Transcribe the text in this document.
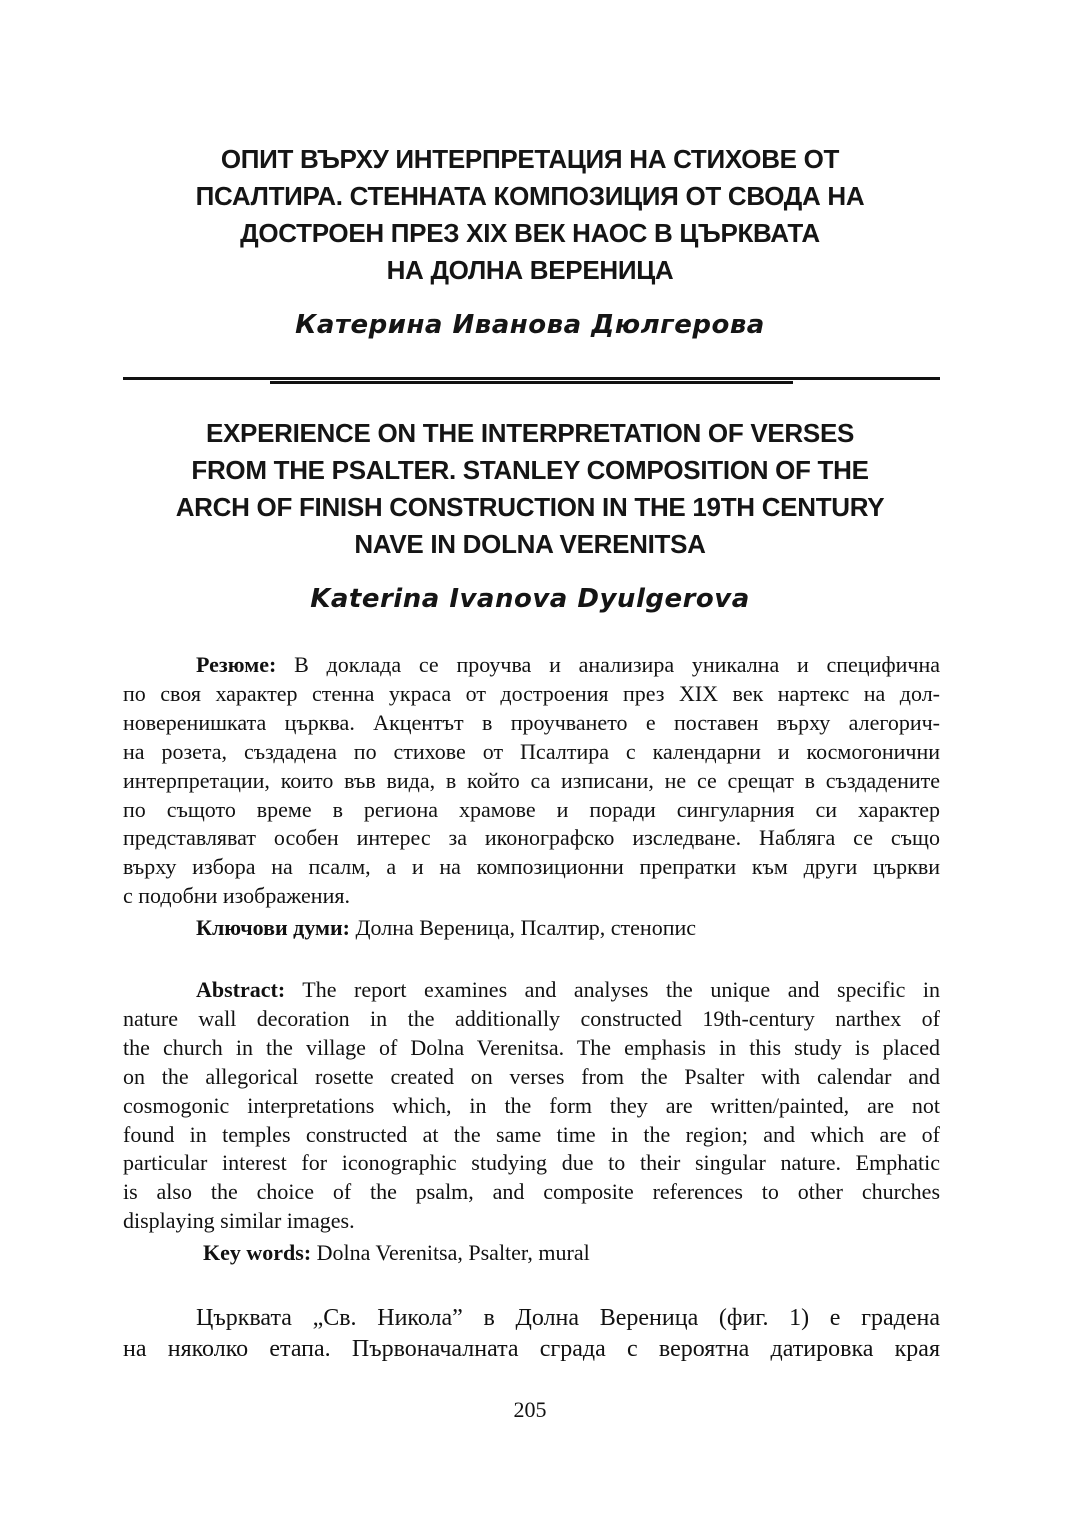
ОПИТ ВЪРХУ ИНТЕРПРЕТАЦИЯ НА СТИХОВЕ ОТ
ПСАЛТИРА. СТЕННАТА КОМПОЗИЦИЯ ОТ СВОДА НА
ДОСТРОЕН ПРЕЗ XIX ВЕК НАОС В ЦЪРКВАТА
НА ДОЛНА ВЕРЕНИЦА
Катерина Иванова Дюлгерова
EXPERIENCE ON THE INTERPRETATION OF VERSES
FROM THE PSALTER. STANLEY COMPOSITION OF THE
ARCH OF FINISH CONSTRUCTION IN THE 19TH CENTURY
NAVE IN DOLNA VERENITSA
Katerina Ivanova Dyulgerova
Резюме: В доклада се проучва и анализира уникална и специфична
по своя характер стенна украса от достроения през XIX век нартекс на дол-
новеренишката църква. Акцентът в проучването е поставен върху алегорич-
на розета, създадена по стихове от Псалтира с календарни и космогонични
интерпретации, които във вида, в който са изписани, не се срещат в създадените
по същото време в региона храмове и поради сингуларния си характер
представляват особен интерес за иконографско изследване. Набляга се също
върху избора на псалм, а и на композиционни препратки към други църкви
с подобни изображения.
Ключови думи: Долна Вереница, Псалтир, стенопис
Abstract: The report examines and analyses the unique and specific in
nature wall decoration in the additionally constructed 19th-century narthex of
the church in the village of Dolna Verenitsa. The emphasis in this study is placed
on the allegorical rosette created on verses from the Psalter with calendar and
cosmogonic interpretations which, in the form they are written/painted, are not
found in temples constructed at the same time in the region; and which are of
particular interest for iconographic studying due to their singular nature. Emphatic
is also the choice of the psalm, and composite references to other churches
displaying similar images.
Key words: Dolna Verenitsa, Psalter, mural
Църквата „Св. Никола” в Долна Вереница (фиг. 1) е градена
на няколко етапа. Първоначалната сграда с вероятна датировка края
205
